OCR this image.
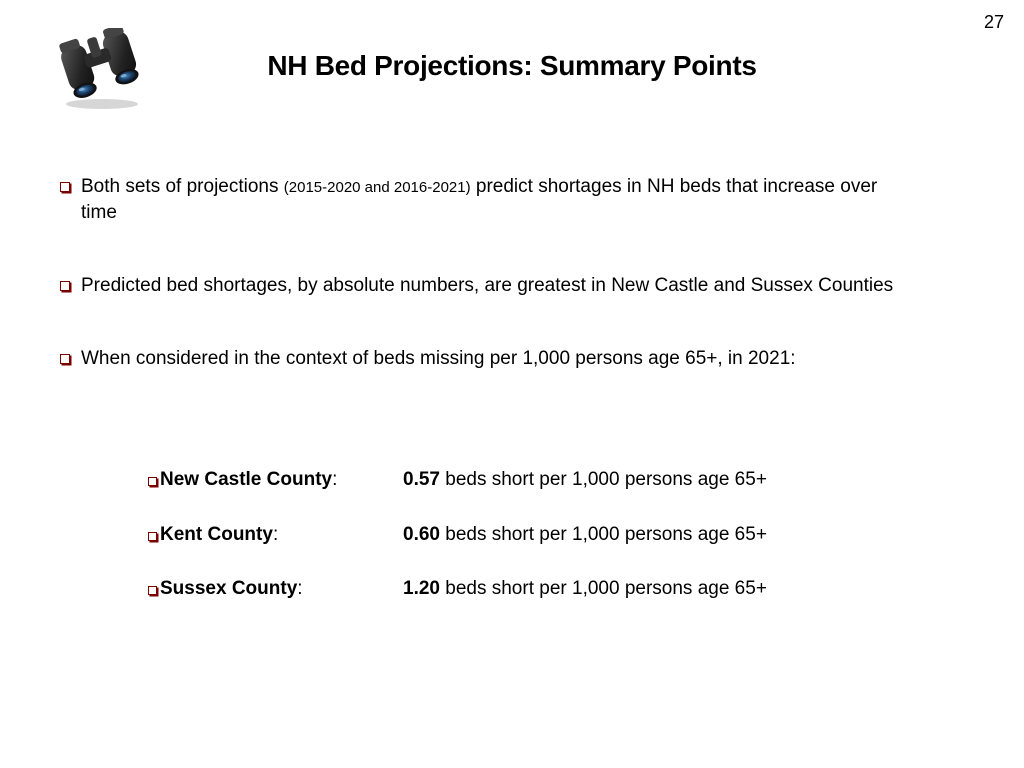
27
NH Bed Projections: Summary Points
Both sets of projections (2015-2020 and 2016-2021) predict shortages in NH beds that increase over time
Predicted bed shortages, by absolute numbers, are greatest in New Castle and Sussex Counties
When considered in the context of beds missing per 1,000 persons age 65+, in 2021:
New Castle County:	0.57 beds short per 1,000 persons age 65+
Kent County:	0.60 beds short per 1,000 persons age 65+
Sussex County:	1.20 beds short per 1,000 persons age 65+
